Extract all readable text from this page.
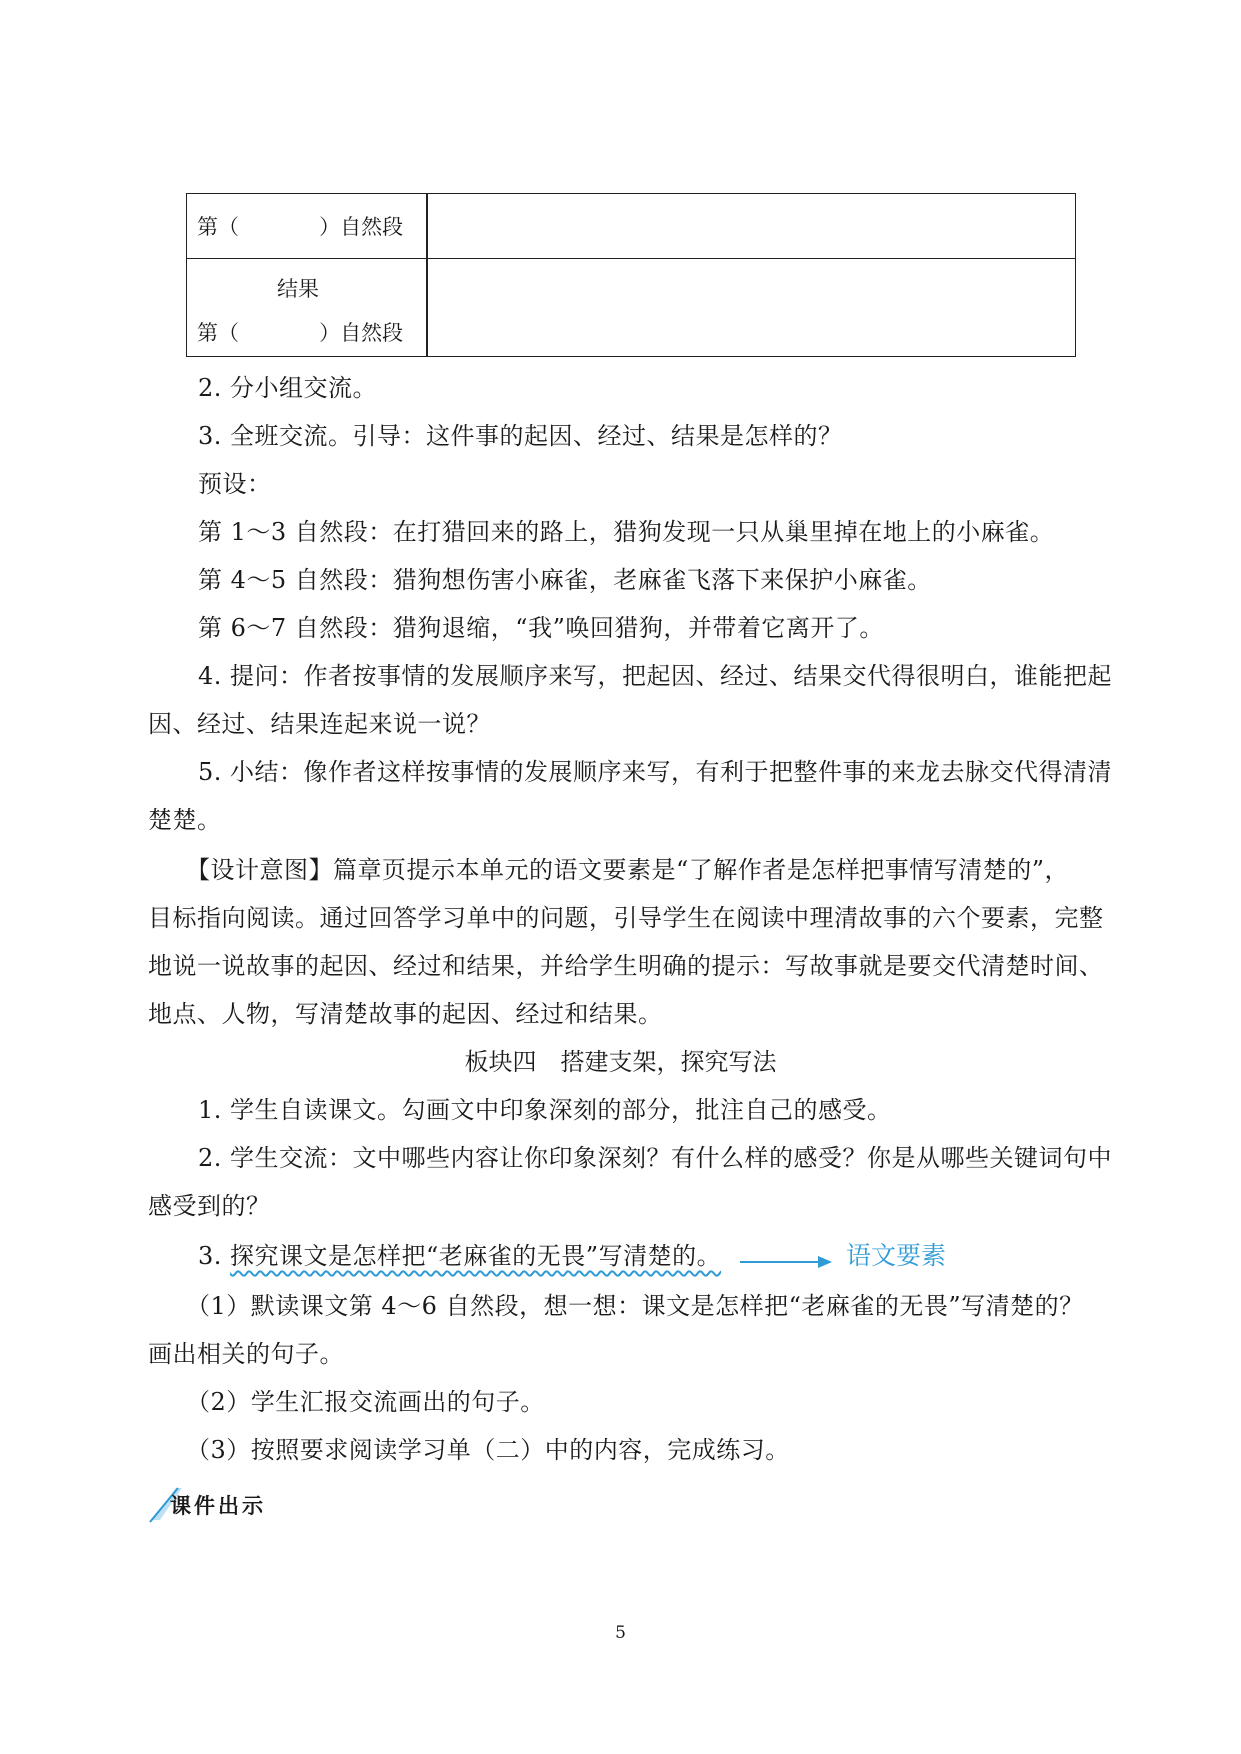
第（            ）自然段
结果
第（            ）自然段
2. 分小组交流。
3. 全班交流。引导：这件事的起因、经过、结果是怎样的？
预设：
第 1～3 自然段：在打猎回来的路上，猎狗发现一只从巢里掉在地上的小麻雀。
第 4～5 自然段：猎狗想伤害小麻雀，老麻雀飞落下来保护小麻雀。
第 6～7 自然段：猎狗退缩，“我”唤回猎狗，并带着它离开了。
4. 提问：作者按事情的发展顺序来写，把起因、经过、结果交代得很明白，谁能把起
因、经过、结果连起来说一说？
5. 小结：像作者这样按事情的发展顺序来写，有利于把整件事的来龙去脉交代得清清
楚楚。
【设计意图】篇章页提示本单元的语文要素是“了解作者是怎样把事情写清楚的”，
目标指向阅读。通过回答学习单中的问题，引导学生在阅读中理清故事的六个要素，完整
地说一说故事的起因、经过和结果，并给学生明确的提示：写故事就是要交代清楚时间、
地点、人物，写清楚故事的起因、经过和结果。
板块四　搭建支架，探究写法
1. 学生自读课文。勾画文中印象深刻的部分，批注自己的感受。
2. 学生交流：文中哪些内容让你印象深刻？有什么样的感受？你是从哪些关键词句中
感受到的？
3. 探究课文是怎样把“老麻雀的无畏”写清楚的。	语文要素
（1）默读课文第 4～6 自然段，想一想：课文是怎样把“老麻雀的无畏”写清楚的？
画出相关的句子。
（2）学生汇报交流画出的句子。
（3）按照要求阅读学习单（二）中的内容，完成练习。
课件出示
5
